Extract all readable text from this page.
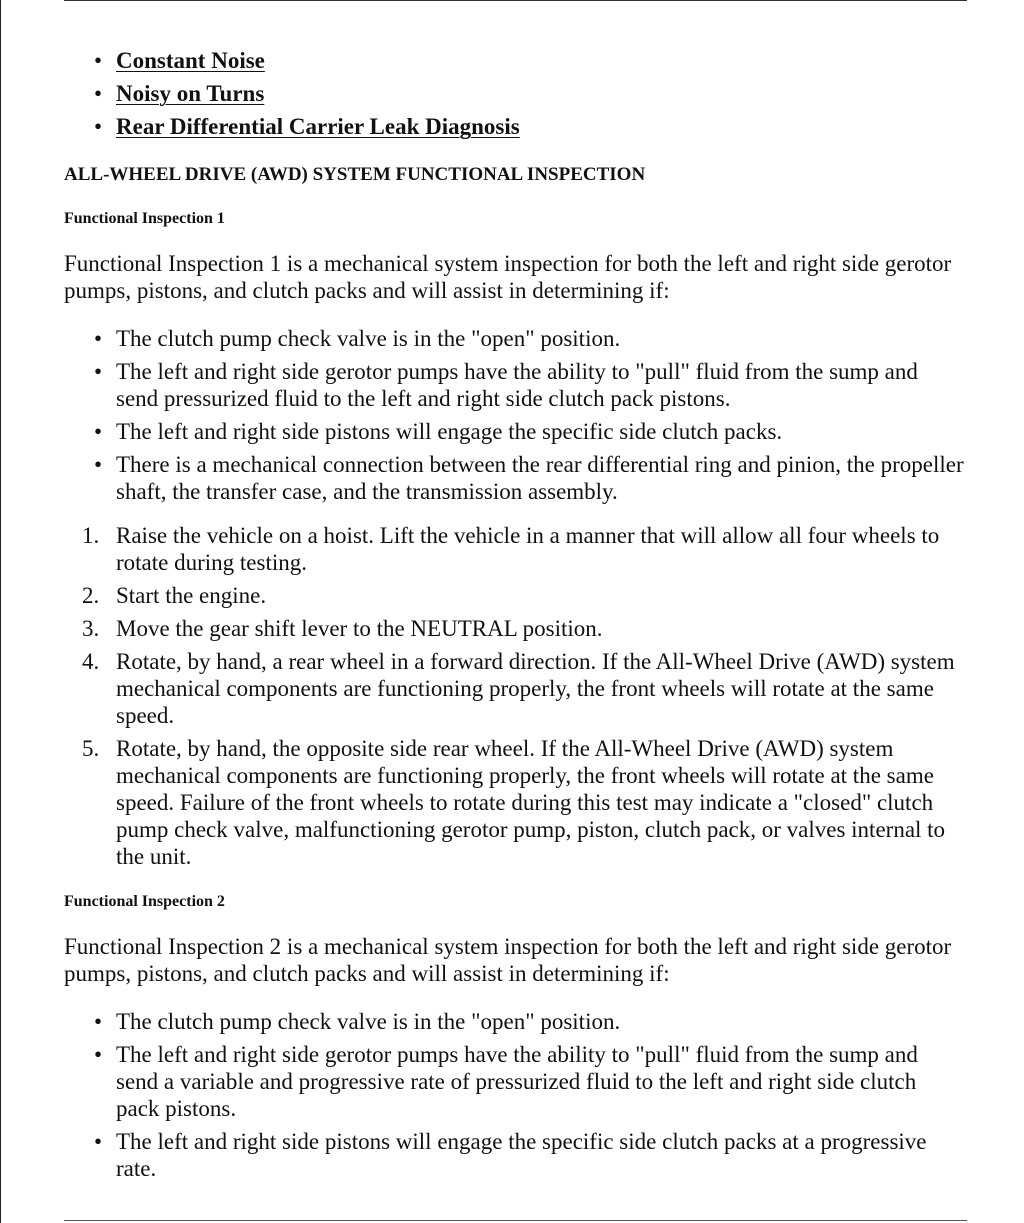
• Constant Noise
• Noisy on Turns
• Rear Differential Carrier Leak Diagnosis
ALL-WHEEL DRIVE (AWD) SYSTEM FUNCTIONAL INSPECTION
Functional Inspection 1

Functional Inspection 1 is a mechanical system inspection for both the left and right side gerotor pumps, pistons, and clutch packs and will assist in determining if:

• The clutch pump check valve is in the "open" position.
• The left and right side gerotor pumps have the ability to "pull" fluid from the sump and send pressurized fluid to the left and right side clutch pack pistons.
• The left and right side pistons will engage the specific side clutch packs.
• There is a mechanical connection between the rear differential ring and pinion, the propeller shaft, the transfer case, and the transmission assembly.
1. Raise the vehicle on a hoist. Lift the vehicle in a manner that will allow all four wheels to rotate during testing.
2. Start the engine.
3. Move the gear shift lever to the NEUTRAL position.
4. Rotate, by hand, a rear wheel in a forward direction. If the All-Wheel Drive (AWD) system mechanical components are functioning properly, the front wheels will rotate at the same speed.
5. Rotate, by hand, the opposite side rear wheel. If the All-Wheel Drive (AWD) system mechanical components are functioning properly, the front wheels will rotate at the same speed. Failure of the front wheels to rotate during this test may indicate a "closed" clutch pump check valve, malfunctioning gerotor pump, piston, clutch pack, or valves internal to the unit.
Functional Inspection 2

Functional Inspection 2 is a mechanical system inspection for both the left and right side gerotor pumps, pistons, and clutch packs and will assist in determining if:

• The clutch pump check valve is in the "open" position.
• The left and right side gerotor pumps have the ability to "pull" fluid from the sump and send a variable and progressive rate of pressurized fluid to the left and right side clutch pack pistons.
• The left and right side pistons will engage the specific side clutch packs at a progressive rate.
